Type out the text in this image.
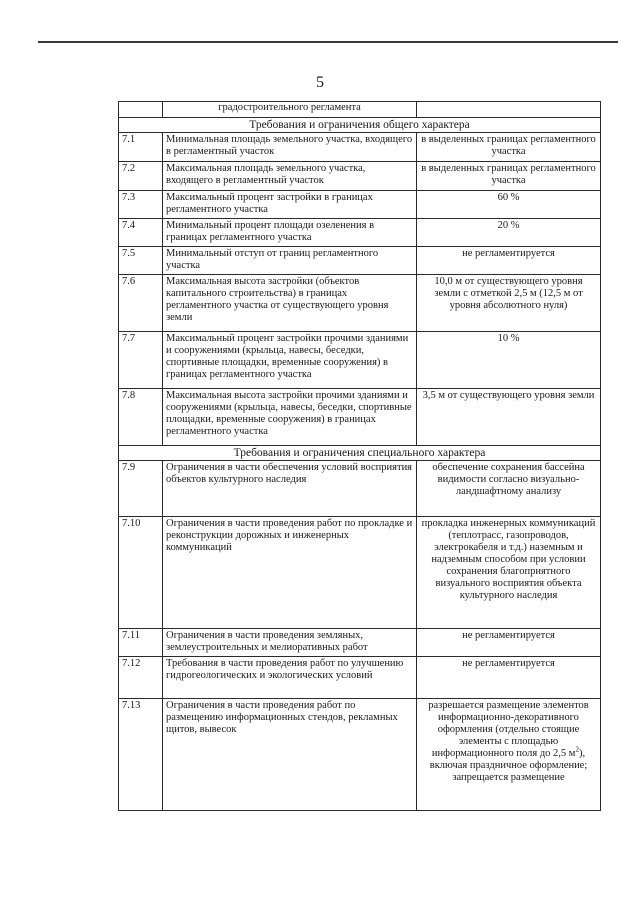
5
	градостроительного регламента	
Требования и ограничения общего характера		
7.1	Минимальная площадь земельного участка, входящего в регламентный участок	в выделенных границах регламентного участка
7.2	Максимальная площадь земельного участка, входящего в регламентный участок	в выделенных границах регламентного участка
7.3	Максимальный процент застройки в границах регламентного участка	60 %
7.4	Минимальный процент площади озеленения в границах регламентного участка	20 %
7.5	Минимальный отступ от границ регламентного участка	не регламентируется
7.6	Максимальная высота застройки (объектов капитального строительства) в границах регламентного участка от существующего уровня земли	10,0 м от существующего уровня земли с отметкой 2,5 м (12,5 м от уровня абсолютного нуля)
7.7	Максимальный процент застройки прочими зданиями и сооружениями (крыльца, навесы, беседки, спортивные площадки, временные сооружения) в границах регламентного участка	10 %
7.8	Максимальная высота застройки прочими зданиями и сооружениями (крыльца, навесы, беседки, спортивные площадки, временные сооружения) в границах регламентного участка	3,5 м от существующего уровня земли
Требования и ограничения специального характера		
7.9	Ограничения в части обеспечения условий восприятия объектов культурного наследия	обеспечение сохранения бассейна видимости согласно визуально-ландшафтному анализу
7.10	Ограничения в части проведения работ по прокладке и реконструкции дорожных и инженерных коммуникаций	прокладка инженерных коммуникаций (теплотрасс, газопроводов, электрокабеля и т.д.) наземным и надземным способом при условии сохранения благоприятного визуального восприятия объекта культурного наследия
7.11	Ограничения в части проведения земляных, землеустроительных и мелиоративных работ	не регламентируется
7.12	Требования в части проведения работ по улучшению гидрогеологических и экологических условий	не регламентируется
7.13	Ограничения в части проведения работ по размещению информационных стендов, рекламных щитов, вывесок	разрешается размещение элементов информационно-декоративного оформления (отдельно стоящие элементы с площадью информационного поля до 2,5 $м^2$), включая праздничное оформление; запрещается размещение
